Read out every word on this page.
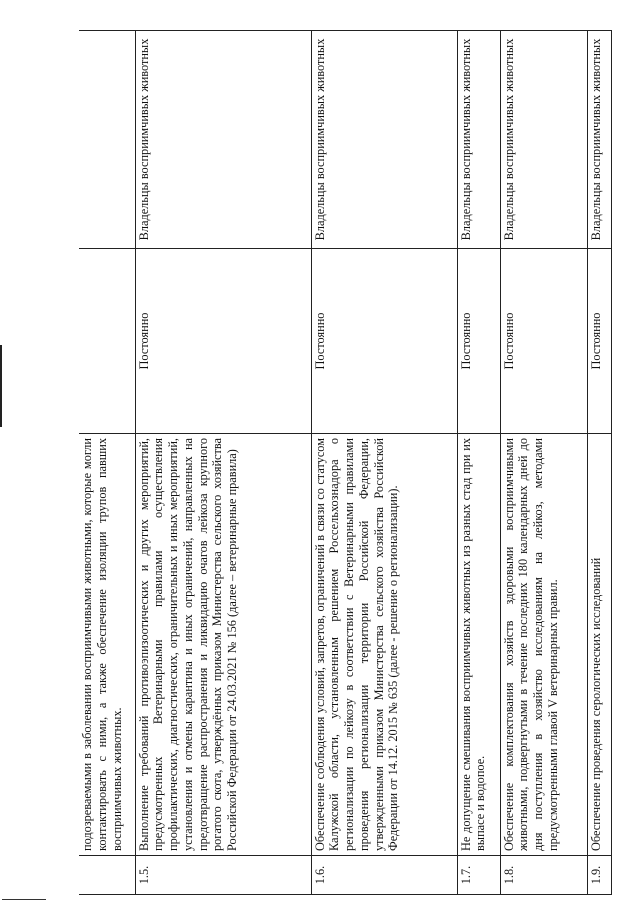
	подозреваемыми в заболевании восприимчивыми животными, которые могли контактировать с ними, а также обеспечение изоляции трупов павших восприимчивых животных.		
1.5.	Выполнение требований противоэпизоотических и других мероприятий, предусмотренных Ветеринарными правилами осуществления профилактических, диагностических, ограничительных и иных мероприятий, установления и отмены карантина и иных ограничений, направленных на предотвращение распространения и ликвидацию очагов лейкоза крупного рогатого скота, утверждённых приказом Министерства сельского хозяйства Российской Федерации от 24.03.2021 № 156 (далее – ветеринарные правила)	Постоянно	Владельцы восприимчивых животных
1.6.	Обеспечение соблюдения условий, запретов, ограничений в связи со статусом Калужской области, установленным решением Россельхознадора о регионализации по лейкозу в соответствии с Ветеринарными правилами проведения регионализации территории Российской Федерации, утвержденными приказом Министерства сельского хозяйства Российской Федерации от 14.12. 2015 № 635 (далее - решение о регионализации).	Постоянно	Владельцы восприимчивых животных
1.7.	Не допущение смешивания восприимчивых животных из разных стад при их выпасе и водопое.	Постоянно	Владельцы восприимчивых животных
1.8.	Обеспечение комплектования хозяйств здоровыми восприимчивыми животными, подвергнутыми в течение последних 180 календарных дней до дня поступления в хозяйство исследованиям на лейкоз, методами предусмотренными главой V ветеринарных правил.	Постоянно	Владельцы восприимчивых животных
1.9.	Обеспечение проведения серологических исследований	Постоянно	Владельцы восприимчивых животных
